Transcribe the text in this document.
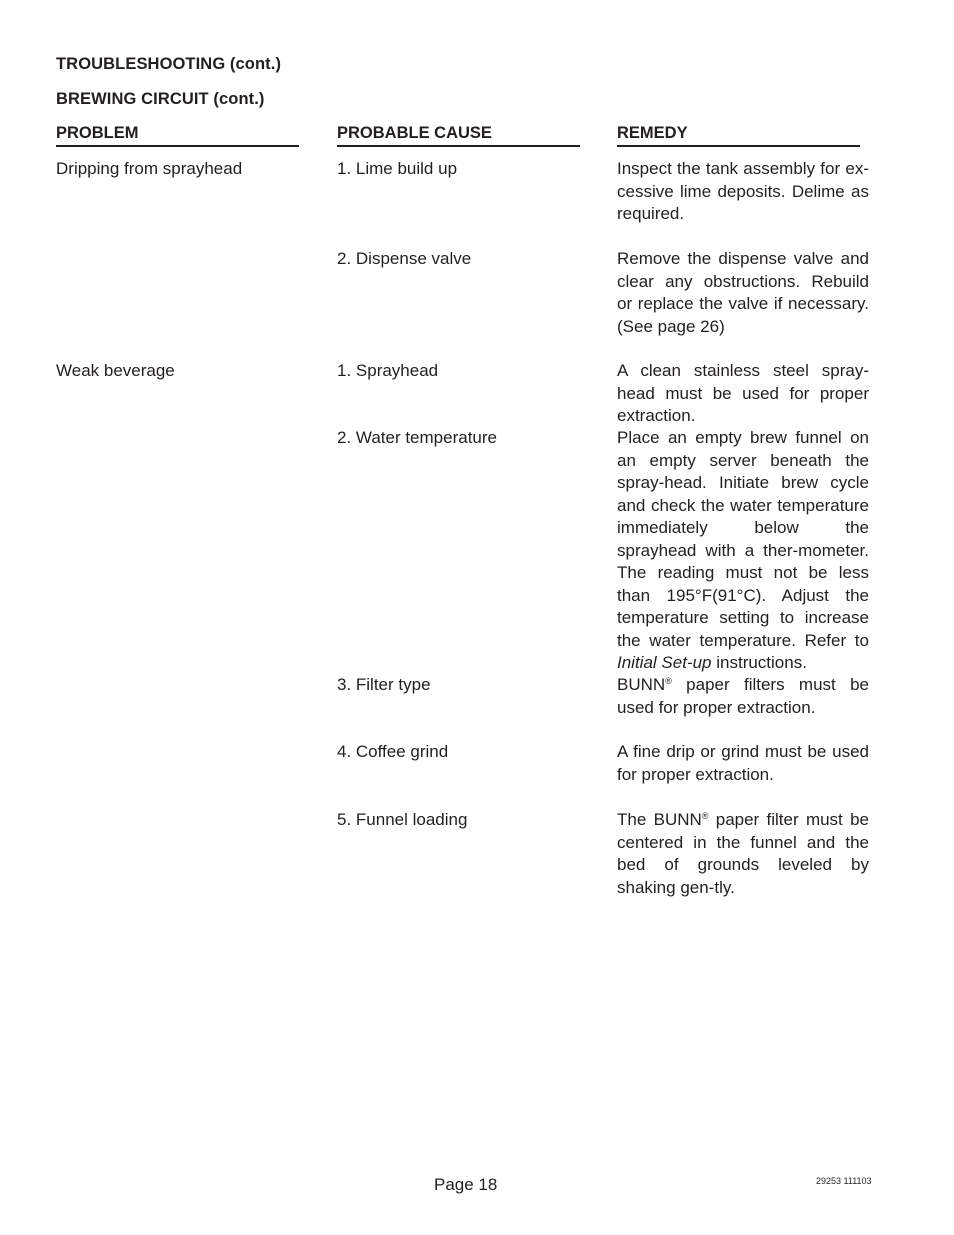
TROUBLESHOOTING (cont.)
BREWING CIRCUIT (cont.)
PROBLEM	PROBABLE CAUSE	REMEDY
Dripping from sprayhead	1. Lime build up	Inspect the tank assembly for ex-cessive lime deposits. Delime as required.
2. Dispense valve	Remove the dispense valve and clear any obstructions. Rebuild or replace the valve if necessary.(See page 26)
Weak beverage	1. Sprayhead	A clean stainless steel spray-head must be used for proper extraction.
2. Water temperature	Place an empty brew funnel on an empty server beneath the spray-head. Initiate brew cycle and check the water temperature immediately below the sprayhead with a ther-mometer. The reading must not be less than 195°F(91°C). Adjust the temperature setting to increase the water temperature. Refer to Initial Set-up instructions.
3. Filter type	BUNN® paper filters must be used for proper extraction.
4. Coffee grind	A fine drip or grind must be used for proper extraction.
5. Funnel loading	The BUNN® paper filter must be centered in the funnel and the bed of grounds leveled by shaking gen-tly.
Page 18	29253 111103
